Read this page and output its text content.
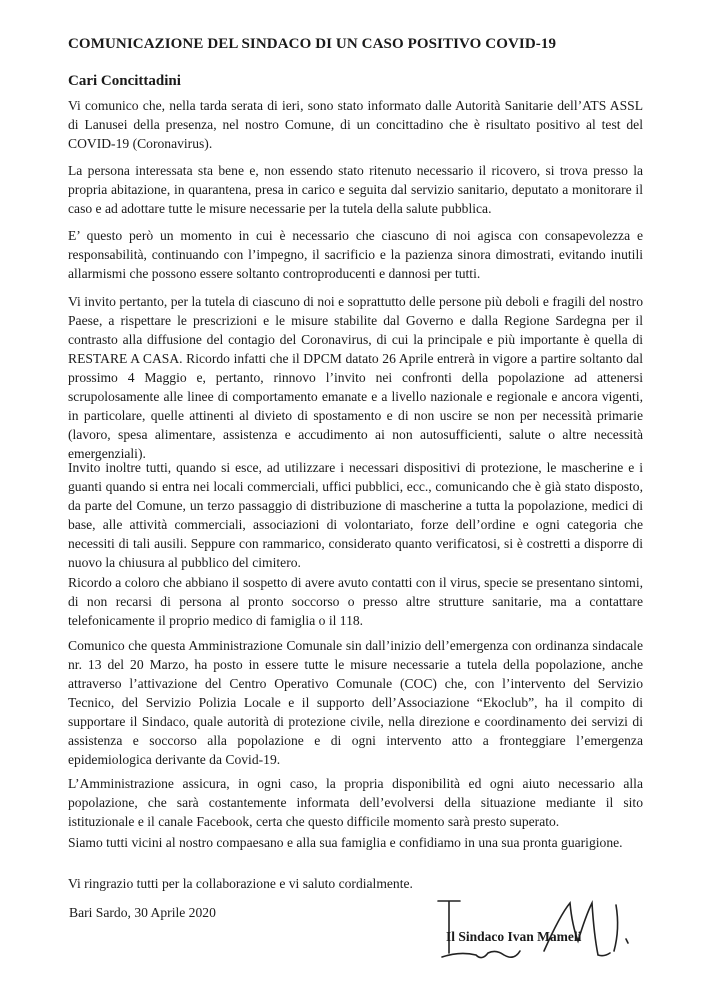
COMUNICAZIONE DEL SINDACO DI UN CASO POSITIVO COVID-19
Cari Concittadini

Vi comunico che, nella tarda serata di ieri, sono stato informato dalle Autorità Sanitarie dell’ATS ASSL di Lanusei della presenza, nel nostro Comune, di un concittadino che è risultato positivo al test del COVID-19 (Coronavirus).

La persona interessata sta bene e, non essendo stato ritenuto necessario il ricovero, si trova presso la propria abitazione, in quarantena, presa in carico e seguita dal servizio sanitario, deputato a monitorare il caso e ad adottare tutte le misure necessarie per la tutela della salute pubblica.

E’ questo però un momento in cui è necessario che ciascuno di noi agisca con consapevolezza e responsabilità, continuando con l’impegno, il sacrificio e la pazienza sinora dimostrati, evitando inutili allarmismi che possono essere soltanto controproducenti e dannosi per tutti.

Vi invito pertanto, per la tutela di ciascuno di noi e soprattutto delle persone più deboli e fragili del nostro Paese, a rispettare le prescrizioni e le misure stabilite dal Governo e dalla Regione Sardegna per il contrasto alla diffusione del contagio del Coronavirus, di cui la principale e più importante è quella di RESTARE A CASA. Ricordo infatti che il DPCM datato 26 Aprile entrerà in vigore a partire soltanto dal prossimo 4 Maggio e, pertanto, rinnovo l’invito nei confronti della popolazione ad attenersi scrupolosamente alle linee di comportamento emanate e a livello nazionale e regionale e ancora vigenti, in particolare, quelle attinenti al divieto di spostamento e di non uscire se non per necessità primarie (lavoro, spesa alimentare, assistenza e accudimento ai non autosufficienti, salute o altre necessità emergenziali).

Invito inoltre tutti, quando si esce, ad utilizzare i necessari dispositivi di protezione, le mascherine e i guanti quando si entra nei locali commerciali, uffici pubblici, ecc., comunicando che è già stato disposto, da parte del Comune, un terzo passaggio di distribuzione di mascherine a tutta la popolazione, medici di base, alle attività commerciali, associazioni di volontariato, forze dell’ordine e ogni categoria che necessiti di tali ausili. Seppure con rammarico, considerato quanto verificatosi, si è costretti a disporre di nuovo la chiusura al pubblico del cimitero.

Ricordo a coloro che abbiano il sospetto di avere avuto contatti con il virus, specie se presentano sintomi, di non recarsi di persona al pronto soccorso o presso altre strutture sanitarie, ma a contattare telefonicamente il proprio medico di famiglia o il 118.

Comunico che questa Amministrazione Comunale sin dall’inizio dell’emergenza con ordinanza sindacale nr. 13 del 20 Marzo, ha posto in essere tutte le misure necessarie a tutela della popolazione, anche attraverso l’attivazione del Centro Operativo Comunale (COC) che, con l’intervento del Servizio Tecnico, del Servizio Polizia Locale e il supporto dell’Associazione “Ekoclub”, ha il compito di supportare il Sindaco, quale autorità di protezione civile, nella direzione e coordinamento dei servizi di assistenza e soccorso alla popolazione e di ogni intervento atto a fronteggiare l’emergenza epidemiologica derivante da Covid-19.

L’Amministrazione assicura, in ogni caso, la propria disponibilità ed ogni aiuto necessario alla popolazione, che sarà costantemente informata dell’evolversi della situazione mediante il sito istituzionale e il canale Facebook, certa che questo difficile momento sarà presto superato.

Siamo tutti vicini al nostro compaesano e alla sua famiglia e confidiamo in una sua pronta guarigione.

Vi ringrazio tutti per la collaborazione e vi saluto cordialmente.

Bari Sardo, 30 Aprile 2020
Il Sindaco Ivan Mameli
